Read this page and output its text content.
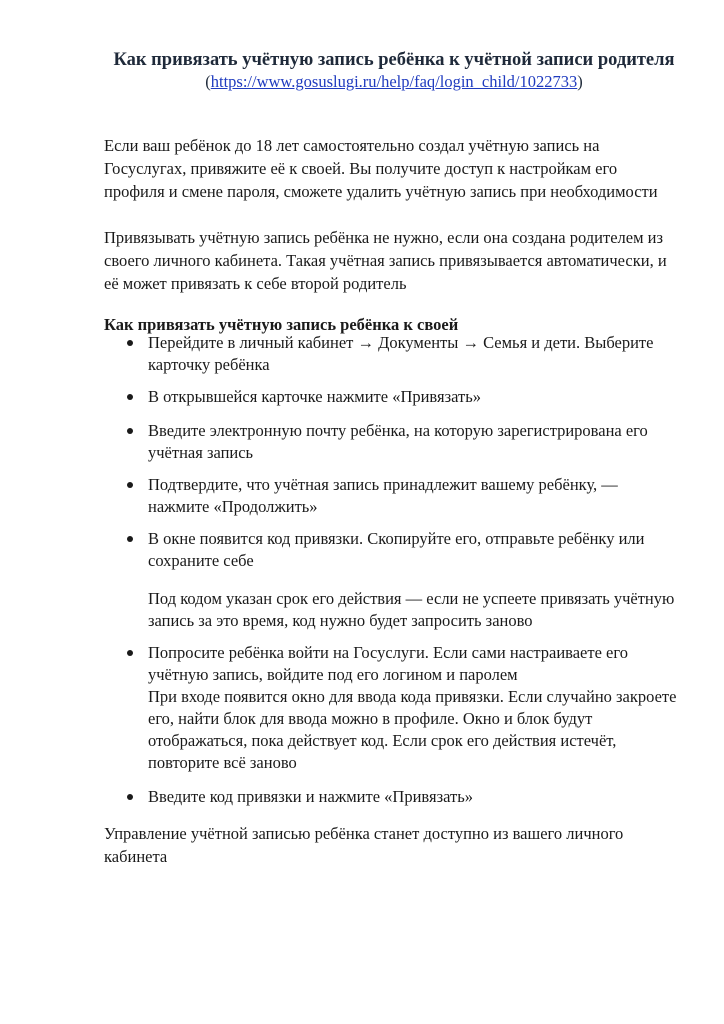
Как привязать учётную запись ребёнка к учётной записи родителя
(https://www.gosuslugi.ru/help/faq/login_child/1022733)
Если ваш ребёнок до 18 лет самостоятельно создал учётную запись на Госуслугах, привяжите её к своей. Вы получите доступ к настройкам его профиля и смене пароля, сможете удалить учётную запись при необходимости
Привязывать учётную запись ребёнка не нужно, если она создана родителем из своего личного кабинета. Такая учётная запись привязывается автоматически, и её может привязать к себе второй родитель
Как привязать учётную запись ребёнка к своей
Перейдите в личный кабинет → Документы → Семья и дети. Выберите карточку ребёнка
В открывшейся карточке нажмите «Привязать»
Введите электронную почту ребёнка, на которую зарегистрирована его учётная запись
Подтвердите, что учётная запись принадлежит вашему ребёнку, — нажмите «Продолжить»
В окне появится код привязки. Скопируйте его, отправьте ребёнку или сохраните себе
Под кодом указан срок его действия — если не успеете привязать учётную запись за это время, код нужно будет запросить заново
Попросите ребёнка войти на Госуслуги. Если сами настраиваете его учётную запись, войдите под его логином и паролем
При входе появится окно для ввода кода привязки. Если случайно закроете его, найти блок для ввода можно в профиле. Окно и блок будут отображаться, пока действует код. Если срок его действия истечёт, повторите всё заново
Введите код привязки и нажмите «Привязать»
Управление учётной записью ребёнка станет доступно из вашего личного кабинета
